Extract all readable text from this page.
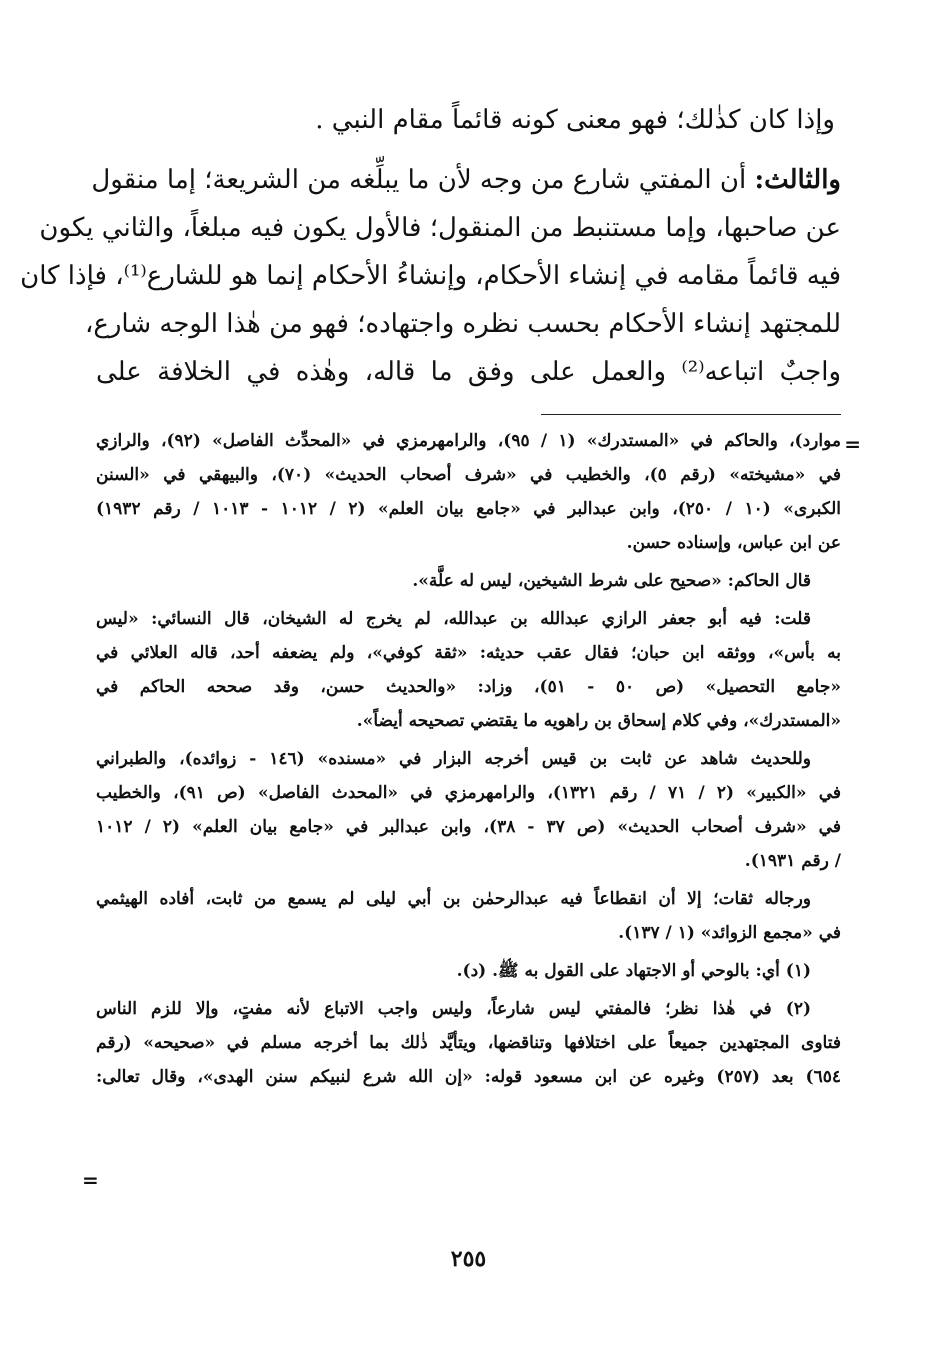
وإذا كان كذٰلك؛ فهو معنى كونه قائماً مقام النبي .
والثالث: أن المفتي شارع من وجه لأن ما يبلِّغه من الشريعة؛ إما منقول
عن صاحبها، وإما مستنبط من المنقول؛ فالأول يكون فيه مبلغاً، والثاني يكون
فيه قائماً مقامه في إنشاء الأحكام، وإنشاءُ الأحكام إنما هو للشارع⁽¹⁾، فإذا كان
للمجتهد إنشاء الأحكام بحسب نظره واجتهاده؛ فهو من هٰذا الوجه شارع،
واجبٌ اتباعه⁽²⁾ والعمل على وفق ما قاله، وهٰذه في الخلافة على
=
موارد)، والحاكم في «المستدرك» (١ / ٩٥)، والرامهرمزي في «المحدِّث الفاصل» (٩٢)، والرازي
في «مشيخته» (رقم ٥)، والخطيب في «شرف أصحاب الحديث» (٧٠)، والبيهقي في «السنن
الكبرى» (١٠ / ٢٥٠)، وابن عبدالبر في «جامع بيان العلم» (٢ / ١٠١٢ - ١٠١٣ / رقم ١٩٣٢)
عن ابن عباس، وإسناده حسن.
قال الحاكم: «صحيح على شرط الشيخين، ليس له علَّة».
قلت: فيه أبو جعفر الرازي عبدالله بن عبدالله، لم يخرج له الشيخان، قال النسائي: «ليس
به بأس»، ووثقه ابن حبان؛ فقال عقب حديثه: «ثقة كوفي»، ولم يضعفه أحد، قاله العلائي في
«جامع التحصيل» (ص ٥٠ - ٥١)، وزاد: «والحديث حسن، وقد صححه الحاكم في
«المستدرك»، وفي كلام إسحاق بن راهويه ما يقتضي تصحيحه أيضاً».
وللحديث شاهد عن ثابت بن قيس أخرجه البزار في «مسنده» (١٤٦ - زوائده)، والطبراني
في «الكبير» (٢ / ٧١ / رقم ١٣٢١)، والرامهرمزي في «المحدث الفاصل» (ص ٩١)، والخطيب
في «شرف أصحاب الحديث» (ص ٣٧ - ٣٨)، وابن عبدالبر في «جامع بيان العلم» (٢ / ١٠١٢
/ رقم ١٩٣١).
ورجاله ثقات؛ إلا أن انقطاعاً فيه عبدالرحمٰن بن أبي ليلى لم يسمع من ثابت، أفاده الهيثمي
في «مجمع الزوائد» (١ / ١٣٧).
(١) أي: بالوحي أو الاجتهاد على القول به ﷺ. (د).
(٢) في هٰذا نظر؛ فالمفتي ليس شارعاً، وليس واجب الاتباع لأنه مفتٍ، وإلا للزم الناس
فتاوى المجتهدين جميعاً على اختلافها وتناقضها، ويتأيَّد ذٰلك بما أخرجه مسلم في «صحيحه» (رقم
٦٥٤) بعد (٢٥٧) وغيره عن ابن مسعود قوله: «إن الله شرع لنبيكم سنن الهدى»، وقال تعالى:
=
٢٥٥
